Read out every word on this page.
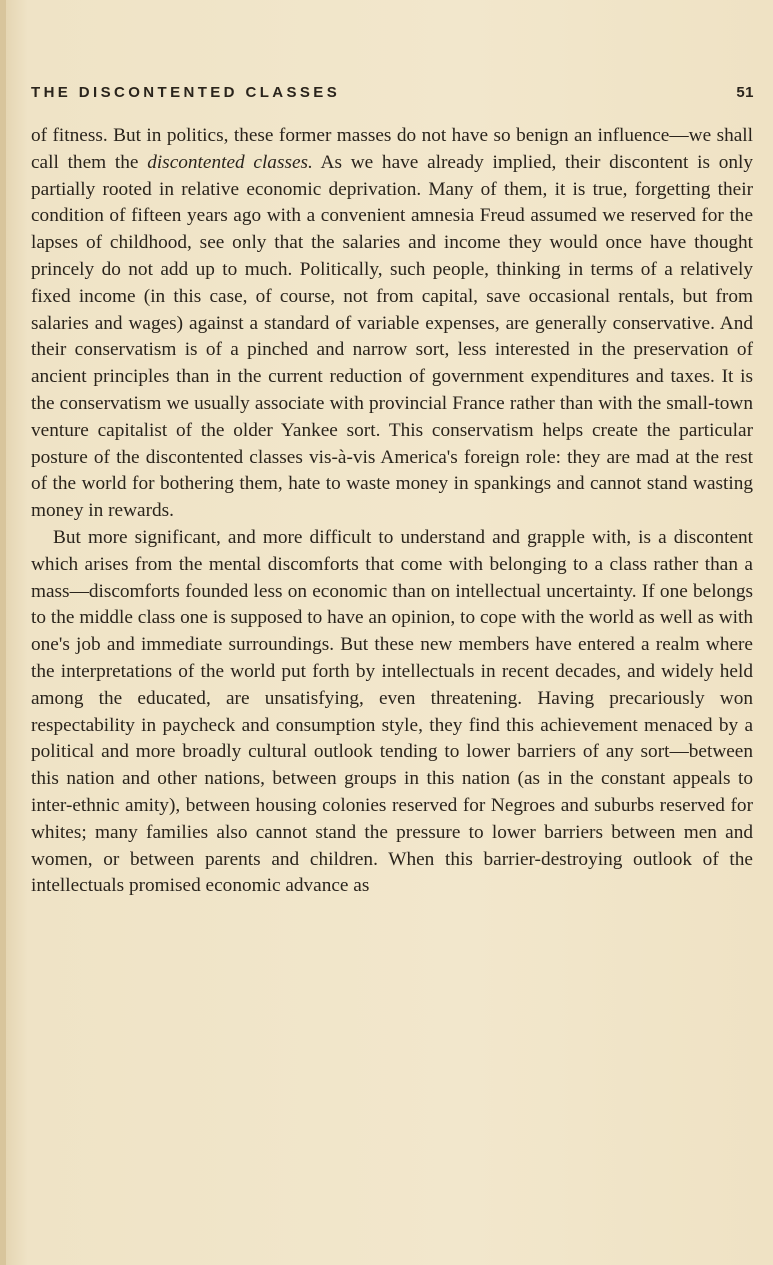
THE DISCONTENTED CLASSES	51

of fitness. But in politics, these former masses do not have so benign an influence—we shall call them the discontented classes. As we have already implied, their discontent is only partially rooted in relative economic deprivation. Many of them, it is true, forgetting their condition of fifteen years ago with a convenient amnesia Freud assumed we reserved for the lapses of childhood, see only that the salaries and income they would once have thought princely do not add up to much. Politically, such people, thinking in terms of a relatively fixed income (in this case, of course, not from capital, save occasional rentals, but from salaries and wages) against a standard of variable expenses, are generally conservative. And their conservatism is of a pinched and narrow sort, less interested in the preservation of ancient principles than in the current reduction of government expenditures and taxes. It is the conservatism we usually associate with provincial France rather than with the small-town venture capitalist of the older Yankee sort. This conservatism helps create the particular posture of the discontented classes vis-à-vis America's foreign role: they are mad at the rest of the world for bothering them, hate to waste money in spankings and cannot stand wasting money in rewards.

But more significant, and more difficult to understand and grapple with, is a discontent which arises from the mental discomforts that come with belonging to a class rather than a mass—discomforts founded less on economic than on intellectual uncertainty. If one belongs to the middle class one is supposed to have an opinion, to cope with the world as well as with one's job and immediate surroundings. But these new members have entered a realm where the interpretations of the world put forth by intellectuals in recent decades, and widely held among the educated, are unsatisfying, even threatening. Having precariously won respectability in paycheck and consumption style, they find this achievement menaced by a political and more broadly cultural outlook tending to lower barriers of any sort—between this nation and other nations, between groups in this nation (as in the constant appeals to inter-ethnic amity), between housing colonies reserved for Negroes and suburbs reserved for whites; many families also cannot stand the pressure to lower barriers between men and women, or between parents and children. When this barrier-destroying outlook of the intellectuals promised economic advance as
